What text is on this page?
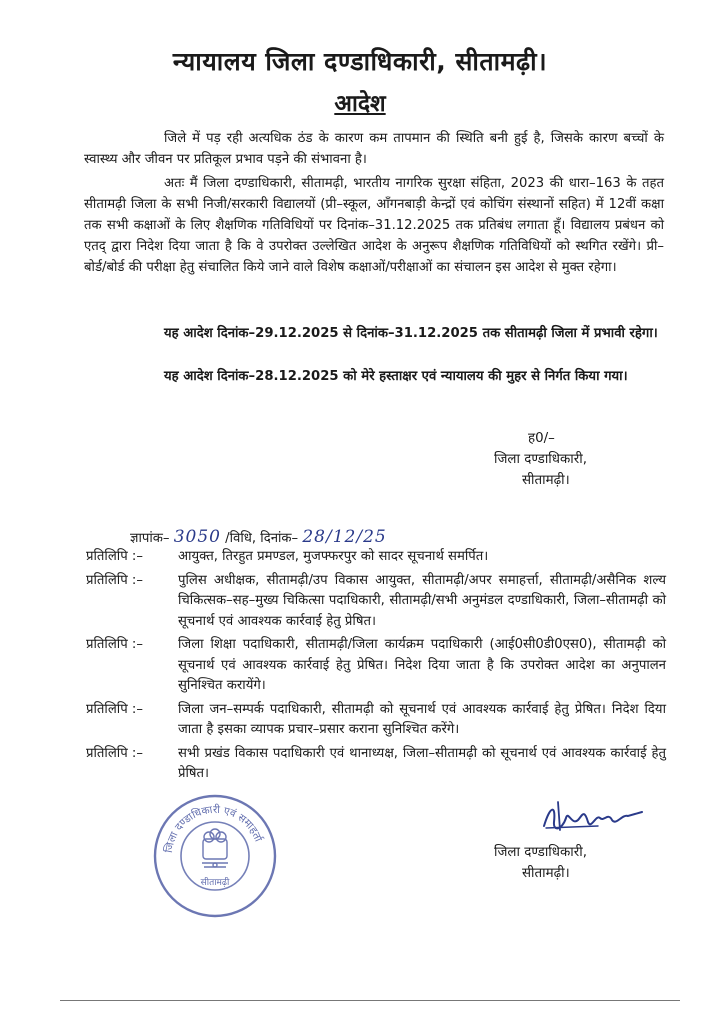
न्यायालय जिला दण्डाधिकारी, सीतामढ़ी।
आदेश

जिले में पड़ रही अत्यधिक ठंड के कारण कम तापमान की स्थिति बनी हुई है, जिसके कारण बच्चों के स्वास्थ्य और जीवन पर प्रतिकूल प्रभाव पड़ने की संभावना है।

अतः मैं जिला दण्डाधिकारी, सीतामढ़ी, भारतीय नागरिक सुरक्षा संहिता, 2023 की धारा–163 के तहत सीतामढ़ी जिला के सभी निजी/सरकारी विद्यालयों (प्री–स्कूल, आँगनबाड़ी केन्द्रों एवं कोचिंग संस्थानों सहित) में 12वीं कक्षा तक सभी कक्षाओं के लिए शैक्षणिक गतिविधियों पर दिनांक–31.12.2025 तक प्रतिबंध लगाता हूँ। विद्यालय प्रबंधन को एतद् द्वारा निदेश दिया जाता है कि वे उपरोक्त उल्लेखित आदेश के अनुरूप शैक्षणिक गतिविधियों को स्थगित रखेंगे। प्री–बोर्ड/बोर्ड की परीक्षा हेतु संचालित किये जाने वाले विशेष कक्षाओं/परीक्षाओं का संचालन इस आदेश से मुक्त रहेगा।

यह आदेश दिनांक–29.12.2025 से दिनांक–31.12.2025 तक सीतामढ़ी जिला में प्रभावी रहेगा।

यह आदेश दिनांक–28.12.2025 को मेरे हस्ताक्षर एवं न्यायालय की मुहर से निर्गत किया गया।

ह0/–
जिला दण्डाधिकारी,
सीतामढ़ी।
ज्ञापांक– 3050 /विधि, दिनांक– 28/12/25
प्रतिलिपि :–	आयुक्त, तिरहुत प्रमण्डल, मुजफ्फरपुर को सादर सूचनार्थ समर्पित।
प्रतिलिपि :–	पुलिस अधीक्षक, सीतामढ़ी/उप विकास आयुक्त, सीतामढ़ी/अपर समाहर्त्ता, सीतामढ़ी/असैनिक शल्य चिकित्सक–सह–मुख्य चिकित्सा पदाधिकारी, सीतामढ़ी/सभी अनुमंडल दण्डाधिकारी, जिला–सीतामढ़ी को सूचनार्थ एवं आवश्यक कार्रवाई हेतु प्रेषित।
प्रतिलिपि :–	जिला शिक्षा पदाधिकारी, सीतामढ़ी/जिला कार्यक्रम पदाधिकारी (आई0सी0डी0एस0), सीतामढ़ी को सूचनार्थ एवं आवश्यक कार्रवाई हेतु प्रेषित। निदेश दिया जाता है कि उपरोक्त आदेश का अनुपालन सुनिश्चित करायेंगे।
प्रतिलिपि :–	जिला जन–सम्पर्क पदाधिकारी, सीतामढ़ी को सूचनार्थ एवं आवश्यक कार्रवाई हेतु प्रेषित। निदेश दिया जाता है इसका व्यापक प्रचार–प्रसार कराना सुनिश्चित करेंगे।
प्रतिलिपि :–	सभी प्रखंड विकास पदाधिकारी एवं थानाध्यक्ष, जिला–सीतामढ़ी को सूचनार्थ एवं आवश्यक कार्रवाई हेतु प्रेषित।
जिला दण्डाधिकारी,
सीतामढ़ी।
जिला दण्डाधिकारी एवं समाहर्ता
सीतामढ़ी
